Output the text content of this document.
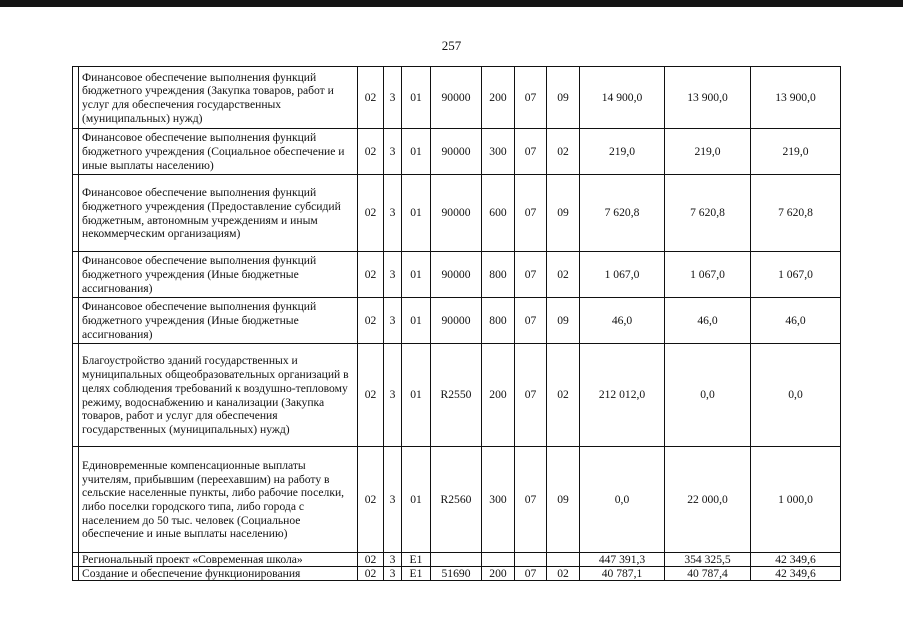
257
	Финансовое обеспечение выполнения функций бюджетного учреждения (Закупка товаров, работ и услуг для обеспечения государственных (муниципальных) нужд)	02	3	01	90000	200	07	09	14 900,0	13 900,0	13 900,0
	Финансовое обеспечение выполнения функций бюджетного учреждения (Социальное обеспечение и иные выплаты населению)	02	3	01	90000	300	07	02	219,0	219,0	219,0
	Финансовое обеспечение выполнения функций бюджетного учреждения (Предоставление субсидий бюджетным, автономным учреждениям и иным некоммерческим организациям)	02	3	01	90000	600	07	09	7 620,8	7 620,8	7 620,8
	Финансовое обеспечение выполнения функций бюджетного учреждения (Иные бюджетные ассигнования)	02	3	01	90000	800	07	02	1 067,0	1 067,0	1 067,0
	Финансовое обеспечение выполнения функций бюджетного учреждения (Иные бюджетные ассигнования)	02	3	01	90000	800	07	09	46,0	46,0	46,0
	Благоустройство зданий государственных и муниципальных общеобразовательных организаций в целях соблюдения требований к воздушно-тепловому режиму, водоснабжению и канализации (Закупка товаров, работ и услуг для обеспечения государственных (муниципальных) нужд)	02	3	01	R2550	200	07	02	212 012,0	0,0	0,0
	Единовременные компенсационные выплаты учителям, прибывшим (переехавшим) на работу в сельские населенные пункты, либо рабочие поселки, либо поселки городского типа, либо города с населением до 50 тыс. человек (Социальное обеспечение и иные выплаты населению)	02	3	01	R2560	300	07	09	0,0	22 000,0	1 000,0
	Региональный проект «Современная школа»	02	3	E1					447 391,3	354 325,5	42 349,6
	Создание и обеспечение функционирования	02	3	E1	51690	200	07	02	40 787,1	40 787,4	42 349,6
